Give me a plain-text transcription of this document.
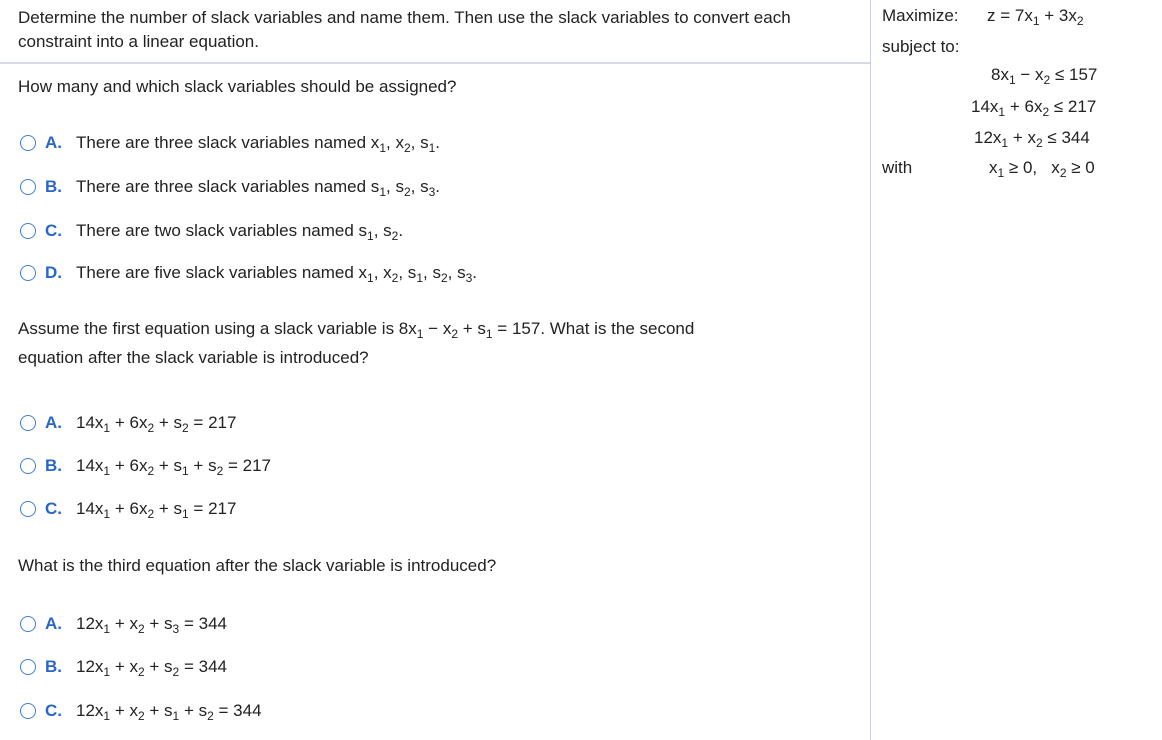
Determine the number of slack variables and name them. Then use the slack variables to convert each constraint into a linear equation.
How many and which slack variables should be assigned?
A. There are three slack variables named $x_1$, $x_2$, $s_1$.
B. There are three slack variables named $s_1$, $s_2$, $s_3$.
C. There are two slack variables named $s_1$, $s_2$.
D. There are five slack variables named $x_1$, $x_2$, $s_1$, $s_2$, $s_3$.
Assume the first equation using a slack variable is $8x_1 - x_2 + s_1 = 157$. What is the second
equation after the slack variable is introduced?
A. $14x_1 + 6x_2 + s_2 = 217$
B. $14x_1 + 6x_2 + s_1 + s_2 = 217$
C. $14x_1 + 6x_2 + s_1 = 217$
What is the third equation after the slack variable is introduced?
A. $12x_1 + x_2 + s_3 = 344$
B. $12x_1 + x_2 + s_2 = 344$
C. $12x_1 + x_2 + s_1 + s_2 = 344$
Maximize: $z = 7x_1 + 3x_2$
subject to:
$8x_1 - x_2 \le 157$
$14x_1 + 6x_2 \le 217$
$12x_1 + x_2 \le 344$
with	$x_1 \ge 0$,   $x_2 \ge 0$
